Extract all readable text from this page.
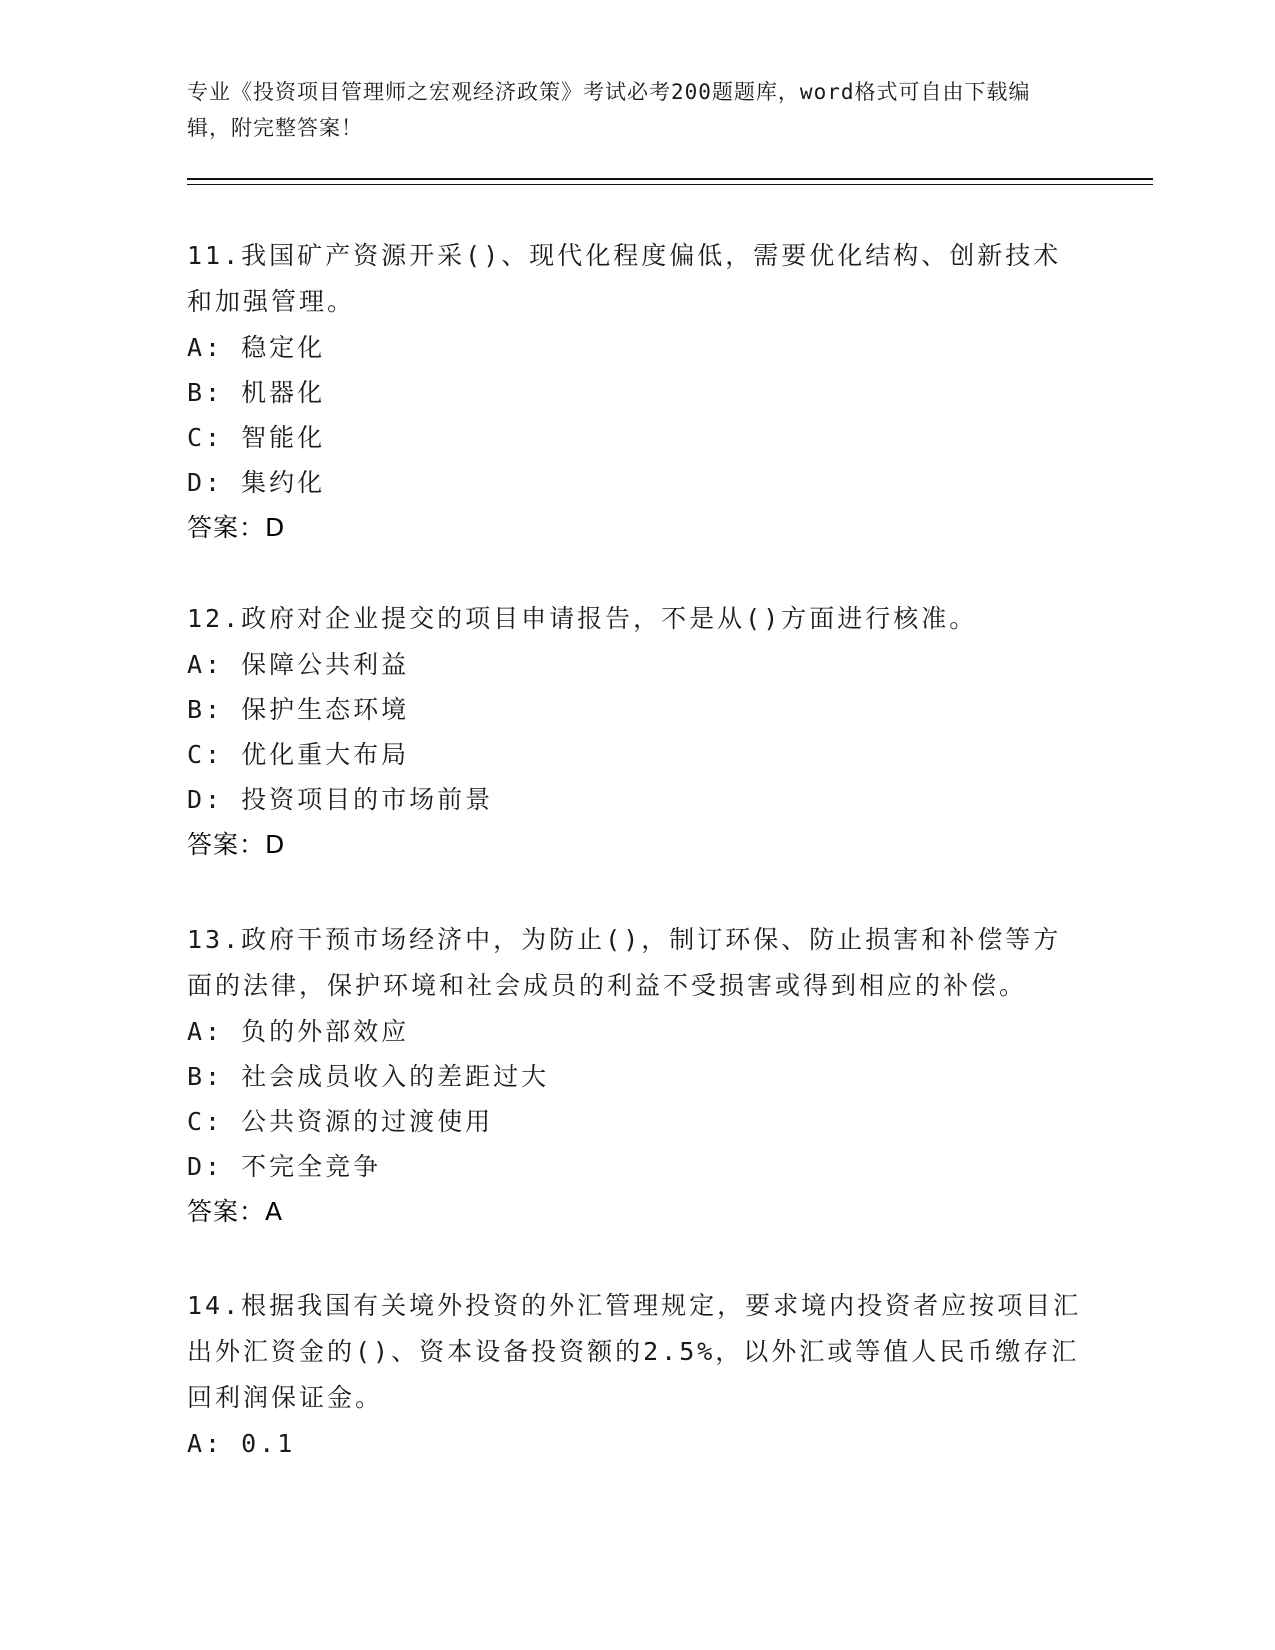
专业《投资项目管理师之宏观经济政策》考试必考200题题库，word格式可自由下载编辑，附完整答案！

11.我国矿产资源开采()、现代化程度偏低，需要优化结构、创新技术和加强管理。

A: 稳定化

B: 机器化

C: 智能化

D: 集约化

答案：D

12.政府对企业提交的项目申请报告，不是从()方面进行核准。

A: 保障公共利益

B: 保护生态环境

C: 优化重大布局

D: 投资项目的市场前景

答案：D

13.政府干预市场经济中，为防止()，制订环保、防止损害和补偿等方面的法律，保护环境和社会成员的利益不受损害或得到相应的补偿。

A: 负的外部效应

B: 社会成员收入的差距过大

C: 公共资源的过渡使用

D: 不完全竞争

答案：A

14.根据我国有关境外投资的外汇管理规定，要求境内投资者应按项目汇出外汇资金的()、资本设备投资额的2.5%，以外汇或等值人民币缴存汇回利润保证金。

A: 0.1
